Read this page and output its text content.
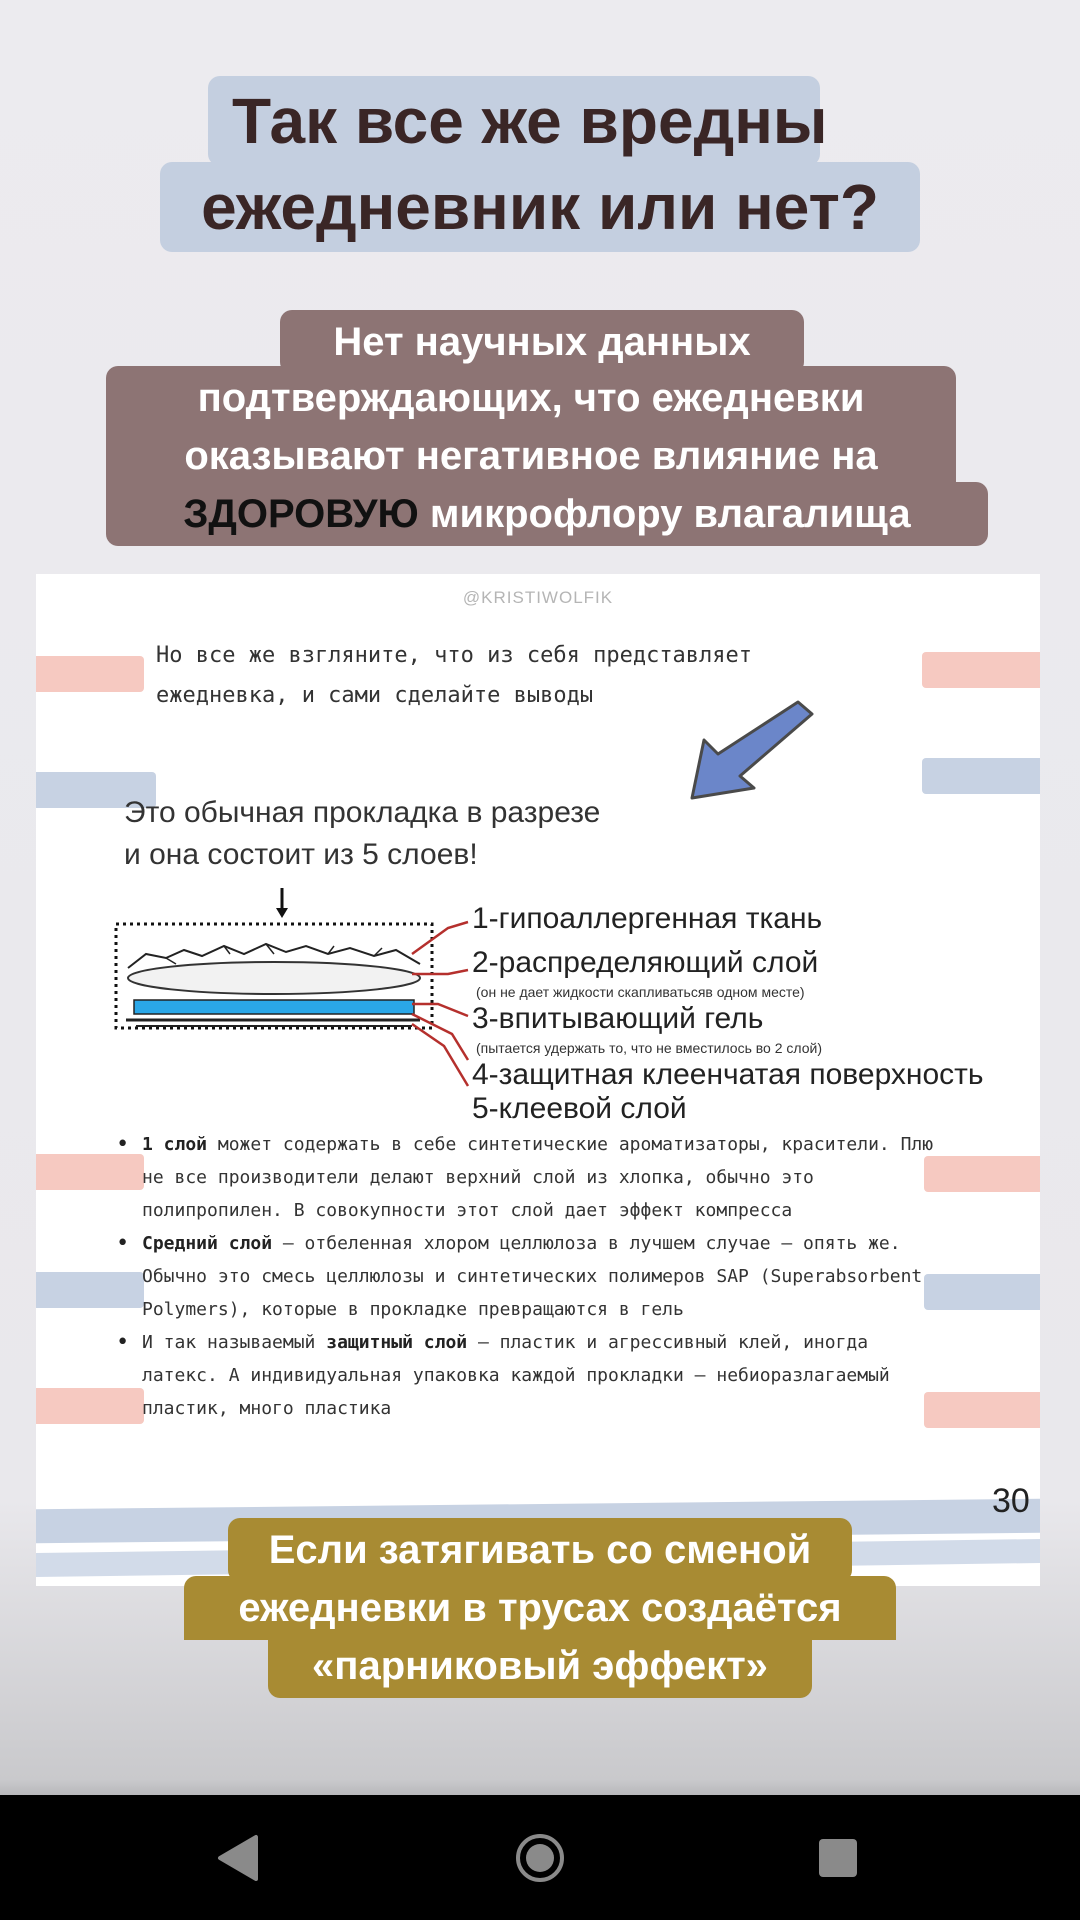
Так все же вредны
ежедневник или нет?
Нет научных данных
подтверждающих, что ежедневки
оказывают негативное влияние на
ЗДОРОВУЮ микрофлору влагалища
@KRISTIWOLFIK
Но все же взгляните, что из себя представляет
ежедневка, и сами сделайте выводы
Это обычная прокладка в разрезе
и она состоит из 5 слоев!
1-гипоаллергенная ткань
2-распределяющий слой
(он не дает жидкости скапливатьсяв одном месте)
3-впитывающий гель
(пытается удержать то, что не вместилось во 2 слой)
4-защитная клеенчатая поверхность
5-клеевой слой
• 1 слой может содержать в себе синтетические ароматизаторы, красители. Плю не все производители делают верхний слой из хлопка, обычно это полипропилен. В совокупности этот слой дает эффект компресса
• Средний слой – отбеленная хлором целлюлоза в лучшем случае – опять же. Обычно это смесь целлюлозы и синтетических полимеров SAP (Superabsorbent Polymers), которые в прокладке превращаются в гель
• И так называемый защитный слой – пластик и агрессивный клей, иногда латекс. А индивидуальная упаковка каждой прокладки – небиоразлагаемый пластик, много пластика
30
Если затягивать со сменой
ежедневки в трусах создаётся
«парниковый эффект»
